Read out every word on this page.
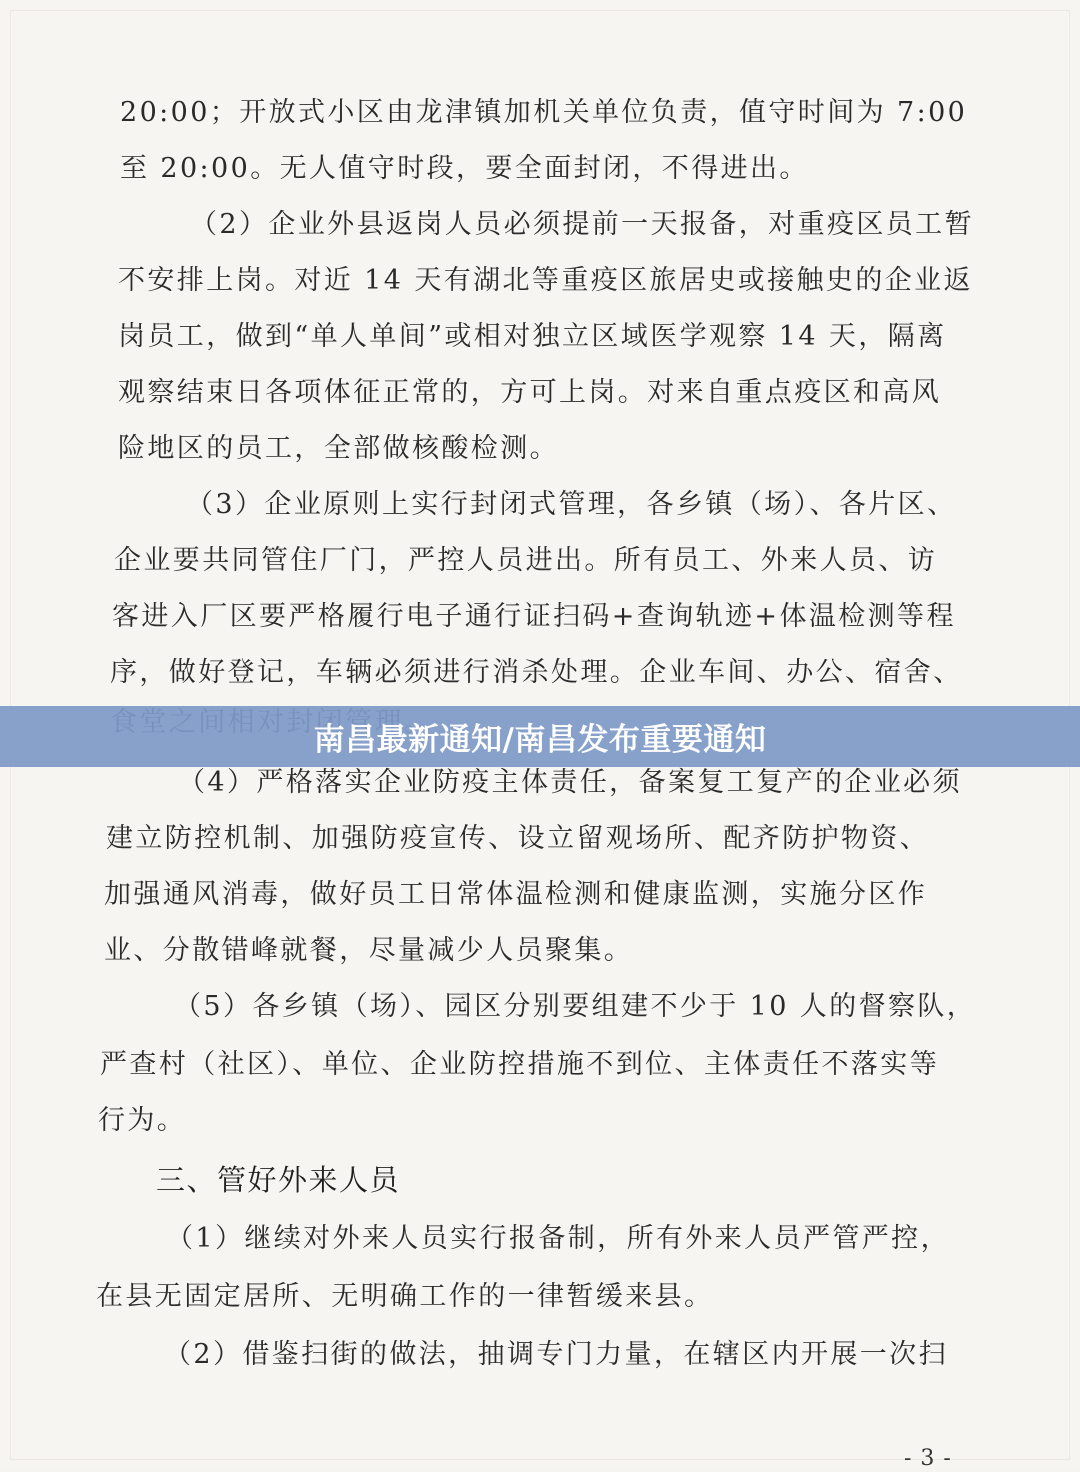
20:00；开放式小区由龙津镇加机关单位负责，值守时间为 7:00
至 20:00。无人值守时段，要全面封闭，不得进出。
（2）企业外县返岗人员必须提前一天报备，对重疫区员工暂
不安排上岗。对近 14 天有湖北等重疫区旅居史或接触史的企业返
岗员工，做到“单人单间”或相对独立区域医学观察 14 天，隔离
观察结束日各项体征正常的，方可上岗。对来自重点疫区和高风
险地区的员工，全部做核酸检测。
（3）企业原则上实行封闭式管理，各乡镇（场）、各片区、
企业要共同管住厂门，严控人员进出。所有员工、外来人员、访
客进入厂区要严格履行电子通行证扫码+查询轨迹+体温检测等程
序，做好登记，车辆必须进行消杀处理。企业车间、办公、宿舍、
（4）严格落实企业防疫主体责任，备案复工复产的企业必须
建立防控机制、加强防疫宣传、设立留观场所、配齐防护物资、
加强通风消毒，做好员工日常体温检测和健康监测，实施分区作
业、分散错峰就餐，尽量减少人员聚集。
（5）各乡镇（场）、园区分别要组建不少于 10 人的督察队，
严查村（社区）、单位、企业防控措施不到位、主体责任不落实等
行为。
三、管好外来人员
（1）继续对外来人员实行报备制，所有外来人员严管严控，
在县无固定居所、无明确工作的一律暂缓来县。
（2）借鉴扫街的做法，抽调专门力量，在辖区内开展一次扫
- 3 -
南昌最新通知/南昌发布重要通知
